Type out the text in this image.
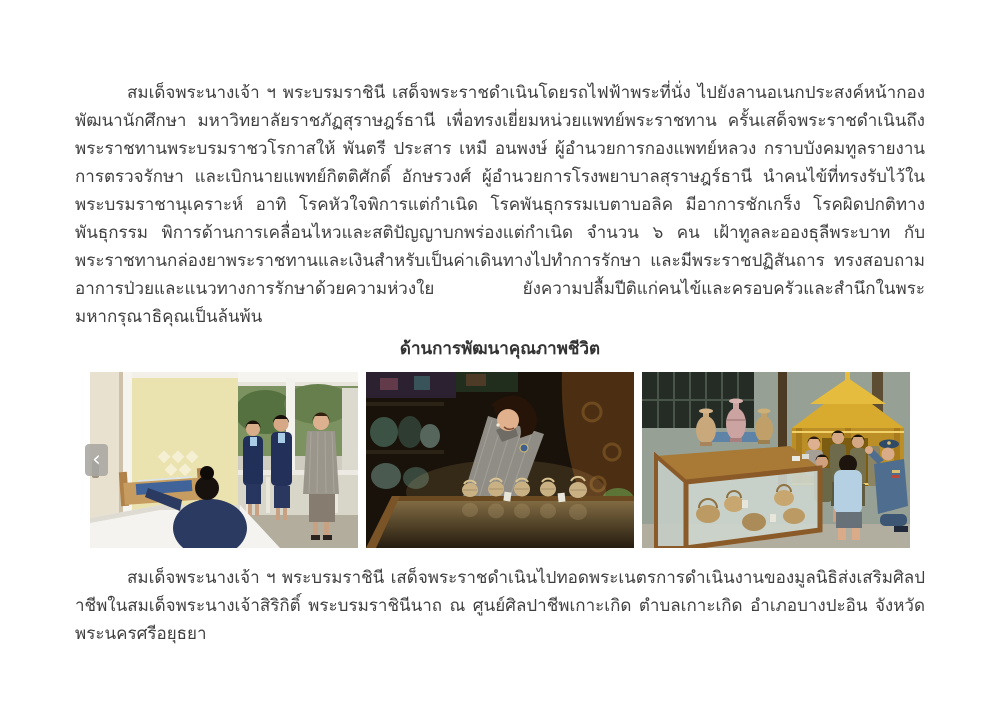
สมเด็จพระนางเจ้า ฯ พระบรมราชินี เสด็จพระราชดำเนินโดยรถไฟฟ้าพระที่นั่ง ไปยังลานอเนกประสงค์หน้ากองพัฒนานักศึกษา มหาวิทยาลัยราชภัฏสุราษฎร์ธานี เพื่อทรงเยี่ยมหน่วยแพทย์พระราชทาน ครั้นเสด็จพระราชดำเนินถึง พระราชทานพระบรมราชวโรกาสให้ พันตรี ประสาร เหมื อนพงษ์ ผู้อำนวยการกองแพทย์หลวง กราบบังคมทูลรายงานการตรวจรักษา และเบิกนายแพทย์กิตติศักดิ์ อักษรวงศ์ ผู้อำนวยการโรงพยาบาลสุราษฎร์ธานี นำคนไข้ที่ทรงรับไว้ในพระบรมราชานุเคราะห์ อาทิ โรคหัวใจพิการแต่กำเนิด โรคพันธุกรรมเบตาบอลิค มีอาการชักเกร็ง โรคผิดปกติทางพันธุกรรม พิการด้านการเคลื่อนไหวและสติปัญญาบกพร่องแต่กำเนิด จำนวน ๖ คน เฝ้าทูลละอองธุลีพระบาท กับพระราชทานกล่องยาพระราชทานและเงินสำหรับเป็นค่าเดินทางไปทำการรักษา และมีพระราชปฏิสันถาร ทรงสอบถามอาการป่วยและแนวทางการรักษาด้วยความห่วงใย ยังความปลื้มปีติแก่คนไข้และครอบครัวและสำนึกในพระมหากรุณาธิคุณเป็นล้นพ้น

ด้านการพัฒนาคุณภาพชีวิต
‹

สมเด็จพระนางเจ้า ฯ พระบรมราชินี เสด็จพระราชดำเนินไปทอดพระเนตรการดำเนินงานของมูลนิธิส่งเสริมศิลปาชีพในสมเด็จพระนางเจ้าสิริกิติ์ พระบรมราชินีนาถ ณ ศูนย์ศิลปาชีพเกาะเกิด ตำบลเกาะเกิด อำเภอบางปะอิน จังหวัดพระนครศรีอยุธยา
